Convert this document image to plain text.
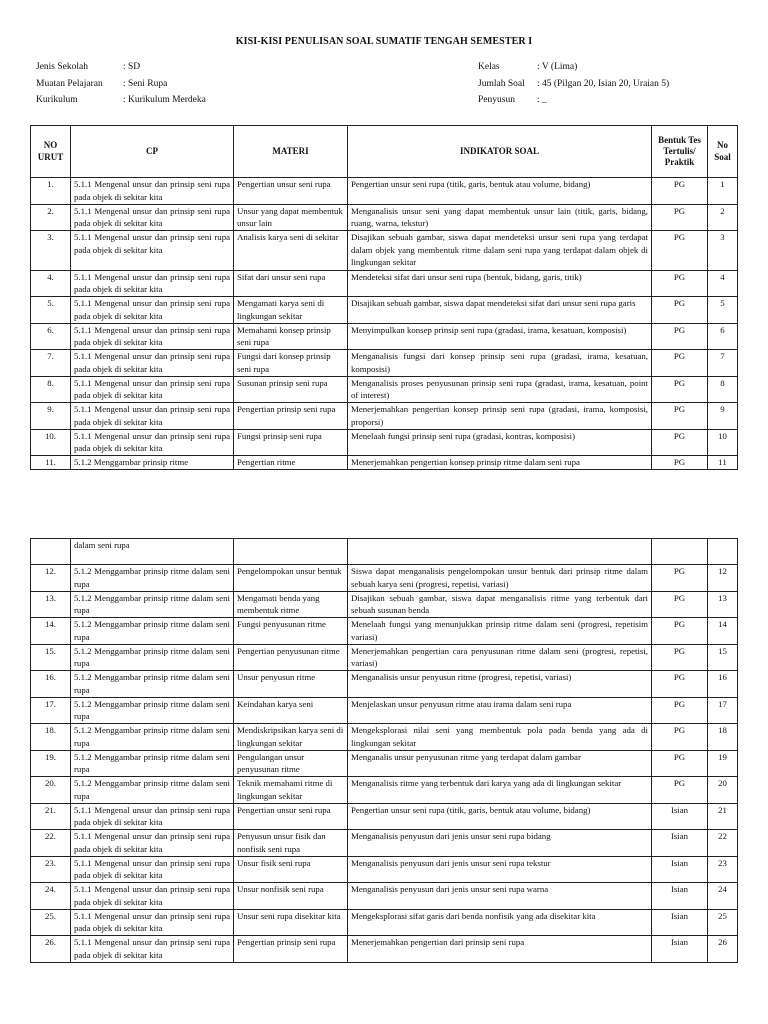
KISI-KISI PENULISAN SOAL SUMATIF TENGAH SEMESTER I
Jenis Sekolah	: SD
Muatan Pelajaran	: Seni Rupa
Kurikulum	: Kurikulum Merdeka
Kelas	: V (Lima)
Jumlah Soal	: 45 (Pilgan 20, Isian 20, Uraian 5)
Penyusun	: _
NO URUT	CP	MATERI	INDIKATOR SOAL	Bentuk Tes Tertulis/ Praktik	No Soal
1.	5.1.1 Mengenal unsur dan prinsip seni rupa pada objek di sekitar kita	Pengertian unsur seni rupa	Pengertian unsur seni rupa (titik, garis, bentuk atau volume, bidang)	PG	1
2.	5.1.1 Mengenal unsur dan prinsip seni rupa pada objek di sekitar kita	Unsur yang dapat membentuk unsur lain	Menganalisis unsur seni yang dapat membentuk unsur lain (titik, garis, bidang, ruang, warna, tekstur)	PG	2
3.	5.1.1 Mengenal unsur dan prinsip seni rupa pada objek di sekitar kita	Analisis karya seni di sekitar	Disajikan sebuah gambar, siswa dapat mendeteksi unsur seni rupa yang terdapat dalam objek yang membentuk ritme dalam seni rupa yang terdapat dalam objek di lingkungan sekitar	PG	3
4.	5.1.1 Mengenal unsur dan prinsip seni rupa pada objek di sekitar kita	Sifat dari unsur seni rupa	Mendeteksi sifat dari unsur seni rupa (bentuk, bidang, garis, titik)	PG	4
5.	5.1.1 Mengenal unsur dan prinsip seni rupa pada objek di sekitar kita	Mengamati karya seni di lingkungan sekitar	Disajikan sebuah gambar, siswa dapat mendeteksi sifat dari unsur seni rupa garis	PG	5
6.	5.1.1 Mengenal unsur dan prinsip seni rupa pada objek di sekitar kita	Memahami konsep prinsip seni rupa	Menyimpulkan konsep prinsip seni rupa (gradasi, irama, kesatuan, komposisi)	PG	6
7.	5.1.1 Mengenal unsur dan prinsip seni rupa pada objek di sekitar kita	Fungsi dari konsep prinsip seni rupa	Menganalisis fungsi dari konsep prinsip seni rupa (gradasi, irama, kesatuan, komposisi)	PG	7
8.	5.1.1 Mengenal unsur dan prinsip seni rupa pada objek di sekitar kita	Susunan prinsip seni rupa	Menganalisis proses penyusunan prinsip seni rupa (gradasi, irama, kesatuan, point of interest)	PG	8
9.	5.1.1 Mengenal unsur dan prinsip seni rupa pada objek di sekitar kita	Pengertian prinsip seni rupa	Menerjemahkan pengertian konsep prinsip seni rupa (gradasi, irama, komposisi, proporsi)	PG	9
10.	5.1.1 Mengenal unsur dan prinsip seni rupa pada objek di sekitar kita	Fungsi prinsip seni rupa	Menelaah fungsi prinsip seni rupa (gradasi, kontras, komposisi)	PG	10
11.	5.1.2 Menggambar prinsip ritme	Pengertian ritme	Menerjemahkan pengertian konsep prinsip ritme dalam seni rupa	PG	11
	dalam seni rupa				
12.	5.1.2 Menggambar prinsip ritme dalam seni rupa	Pengelompokan unsur bentuk	Siswa dapat menganalisis pengelompokan unsur bentuk dari prinsip ritme dalam sebuah karya seni (progresi, repetisi, variasi)	PG	12
13.	5.1.2 Menggambar prinsip ritme dalam seni rupa	Mengamati benda yang membentuk ritme	Disajikan sebuah gambar, siswa dapat menganalisis ritme yang terbentuk dari sebuah susunan benda	PG	13
14.	5.1.2 Menggambar prinsip ritme dalam seni rupa	Fungsi penyusunan ritme	Menelaah fungsi yang menunjukkan prinsip ritme dalam seni (progresi, repetisim variasi)	PG	14
15.	5.1.2 Menggambar prinsip ritme dalam seni rupa	Pengertian penyusunan ritme	Menerjemahkan pengertian cara penyusunan ritme dalam seni (progresi, repetisi, variasi)	PG	15
16.	5.1.2 Menggambar prinsip ritme dalam seni rupa	Unsur penyusun ritme	Menganalisis unsur penyusun ritme (progresi, repetisi, variasi)	PG	16
17.	5.1.2 Menggambar prinsip ritme dalam seni rupa	Keindahan karya seni	Menjelaskan unsur penyusun ritme atau irama dalam seni rupa	PG	17
18.	5.1.2 Menggambar prinsip ritme dalam seni rupa	Mendiskripsikan karya seni di lingkungan sekitar	Mengeksplorasi nilai seni yang membentuk pola pada benda yang ada di lingkungan sekitar	PG	18
19.	5.1.2 Menggambar prinsip ritme dalam seni rupa	Pengulangan unsur penyusunan ritme	Menganalis unsur penyusunan ritme yang terdapat dalam gambar	PG	19
20.	5.1.2 Menggambar prinsip ritme dalam seni rupa	Teknik memahami ritme di lingkungan sekitar	Menganalisis ritme yang terbentuk dari karya yang ada di lingkungan sekitar	PG	20
21.	5.1.1 Mengenal unsur dan prinsip seni rupa pada objek di sekitar kita	Pengertian unsur seni rupa	Pengertian unsur seni rupa (titik, garis, bentuk atau volume, bidang)	Isian	21
22.	5.1.1 Mengenal unsur dan prinsip seni rupa pada objek di sekitar kita	Penyusun unsur fisik dan nonfisik seni rupa	Menganalisis penyusun dari jenis unsur seni rupa bidang	Isian	22
23.	5.1.1 Mengenal unsur dan prinsip seni rupa pada objek di sekitar kita	Unsur fisik seni rupa	Menganalisis penyusun dari jenis unsur seni rupa tekstur	Isian	23
24.	5.1.1 Mengenal unsur dan prinsip seni rupa pada objek di sekitar kita	Unsur nonfisik seni rupa	Menganalisis penyusun dari jenis unsur seni rupa warna	Isian	24
25.	5.1.1 Mengenal unsur dan prinsip seni rupa pada objek di sekitar kita	Unsur seni rupa disekitar kita	Mengeksplorasi sifat garis dari benda nonfisik yang ada disekitar kita	Isian	25
26.	5.1.1 Mengenal unsur dan prinsip seni rupa pada objek di sekitar kita	Pengertian prinsip seni rupa	Menerjemahkan pengertian dari prinsip seni rupa	Isian	26
